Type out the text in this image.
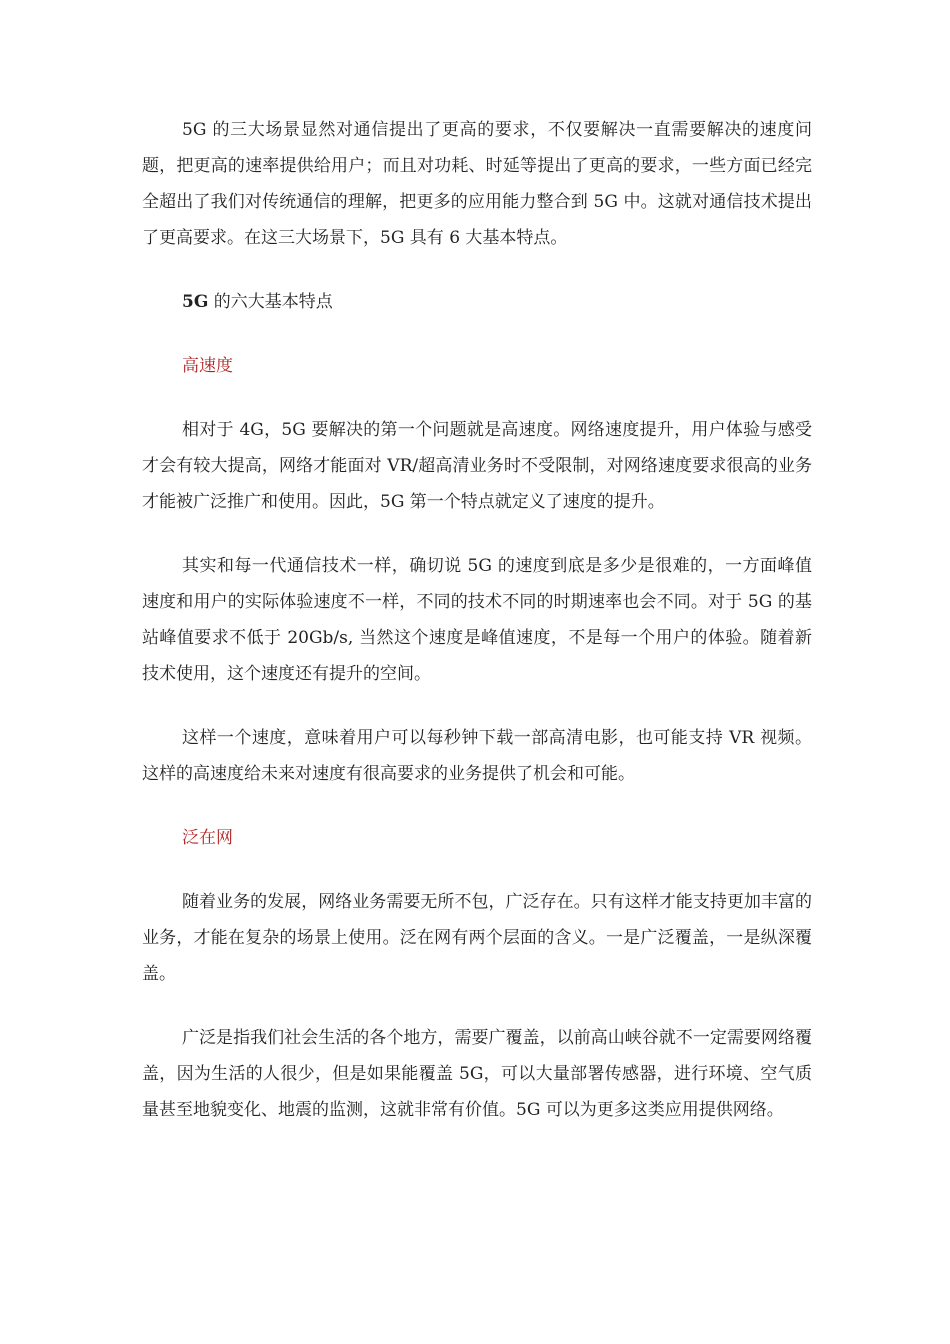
5G 的三大场景显然对通信提出了更高的要求，不仅要解决一直需要解决的速度问题，把更高的速率提供给用户；而且对功耗、时延等提出了更高的要求，一些方面已经完全超出了我们对传统通信的理解，把更多的应用能力整合到 5G 中。这就对通信技术提出了更高要求。在这三大场景下，5G 具有 6 大基本特点。

5G 的六大基本特点

高速度

相对于 4G，5G 要解决的第一个问题就是高速度。网络速度提升，用户体验与感受才会有较大提高，网络才能面对 VR/超高清业务时不受限制，对网络速度要求很高的业务才能被广泛推广和使用。因此，5G 第一个特点就定义了速度的提升。

其实和每一代通信技术一样，确切说 5G 的速度到底是多少是很难的，一方面峰值速度和用户的实际体验速度不一样，不同的技术不同的时期速率也会不同。对于 5G 的基站峰值要求不低于 20Gb/s, 当然这个速度是峰值速度，不是每一个用户的体验。随着新技术使用，这个速度还有提升的空间。

这样一个速度，意味着用户可以每秒钟下载一部高清电影，也可能支持 VR 视频。这样的高速度给未来对速度有很高要求的业务提供了机会和可能。

泛在网

随着业务的发展，网络业务需要无所不包，广泛存在。只有这样才能支持更加丰富的业务，才能在复杂的场景上使用。泛在网有两个层面的含义。一是广泛覆盖，一是纵深覆盖。

广泛是指我们社会生活的各个地方，需要广覆盖，以前高山峡谷就不一定需要网络覆盖，因为生活的人很少，但是如果能覆盖 5G，可以大量部署传感器，进行环境、空气质量甚至地貌变化、地震的监测，这就非常有价值。5G 可以为更多这类应用提供网络。
